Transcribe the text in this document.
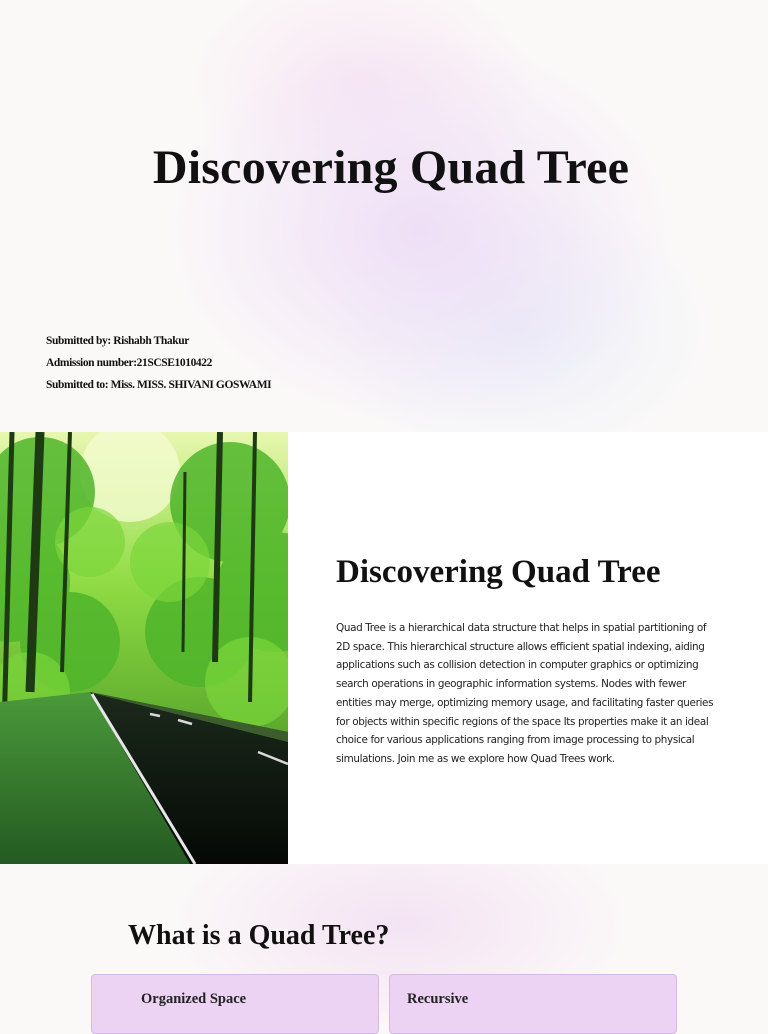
Discovering Quad Tree
Submitted by: Rishabh Thakur
Admission number:21SCSE1010422
Submitted to: Miss. MISS. SHIVANI GOSWAMI
Discovering Quad Tree

Quad Tree is a hierarchical data structure that helps in spatial partitioning of 2D space. This hierarchical structure allows efficient spatial indexing, aiding applications such as collision detection in computer graphics or optimizing search operations in geographic information systems. Nodes with fewer entities may merge, optimizing memory usage, and facilitating faster queries for objects within specific regions of the space Its properties make it an ideal choice for various applications ranging from image processing to physical simulations. Join me as we explore how Quad Trees work.

What is a Quad Tree?
Organized Space	Recursive
